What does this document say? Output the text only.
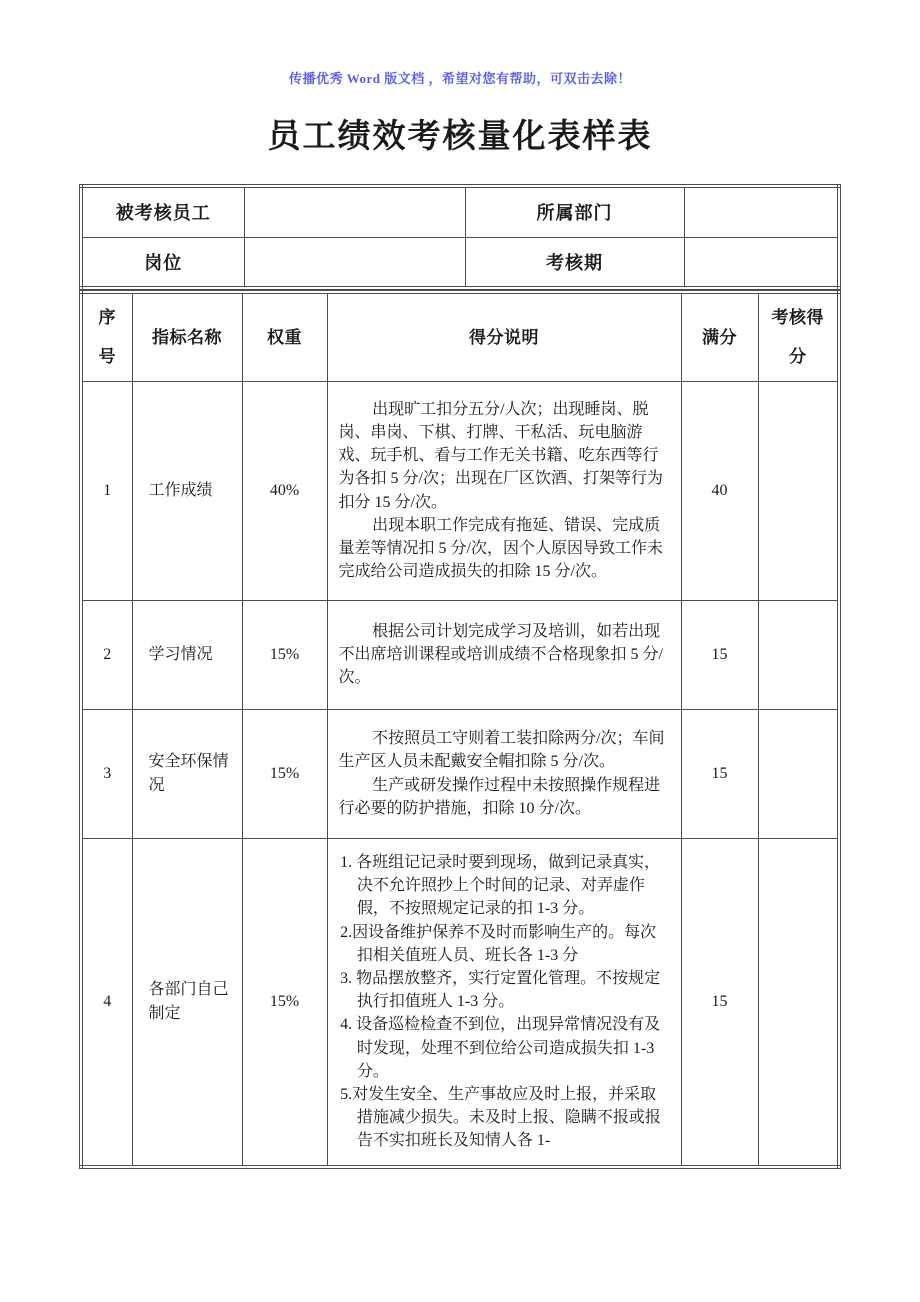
传播优秀 Word 版文档 ，希望对您有帮助，可双击去除！
员工绩效考核量化表样表
被考核员工		所属部门	
岗位		考核期	
序号	指标名称	权重	得分说明	满分	考核得分
1	工作成绩	40%	出现旷工扣分五分/人次；出现睡岗、脱岗、串岗、下棋、打牌、干私活、玩电脑游戏、玩手机、看与工作无关书籍、吃东西等行为各扣 5 分/次；出现在厂区饮酒、打架等行为扣分 15 分/次。
出现本职工作完成有拖延、错误、完成质量差等情况扣 5 分/次，因个人原因导致工作未完成给公司造成损失的扣除 15 分/次。	40	
2	学习情况	15%	根据公司计划完成学习及培训，如若出现不出席培训课程或培训成绩不合格现象扣 5 分/次。	15	
3	安全环保情况	15%	不按照员工守则着工装扣除两分/次；车间生产区人员未配戴安全帽扣除 5 分/次。
生产或研发操作过程中未按照操作规程进行必要的防护措施，扣除 10 分/次。	15	
4	各部门自己制定	15%	1. 各班组记记录时要到现场，做到记录真实，决不允许照抄上个时间的记录、对弄虚作假，不按照规定记录的扣 1-3 分。
2.因设备维护保养不及时而影响生产的。每次扣相关值班人员、班长各 1-3 分
3. 物品摆放整齐，实行定置化管理。不按规定执行扣值班人 1-3 分。
4. 设备巡检检查不到位，出现异常情况没有及时发现，处理不到位给公司造成损失扣 1-3 分。
5.对发生安全、生产事故应及时上报，并采取措施减少损失。未及时上报、隐瞒不报或报告不实扣班长及知情人各 1-	15	
